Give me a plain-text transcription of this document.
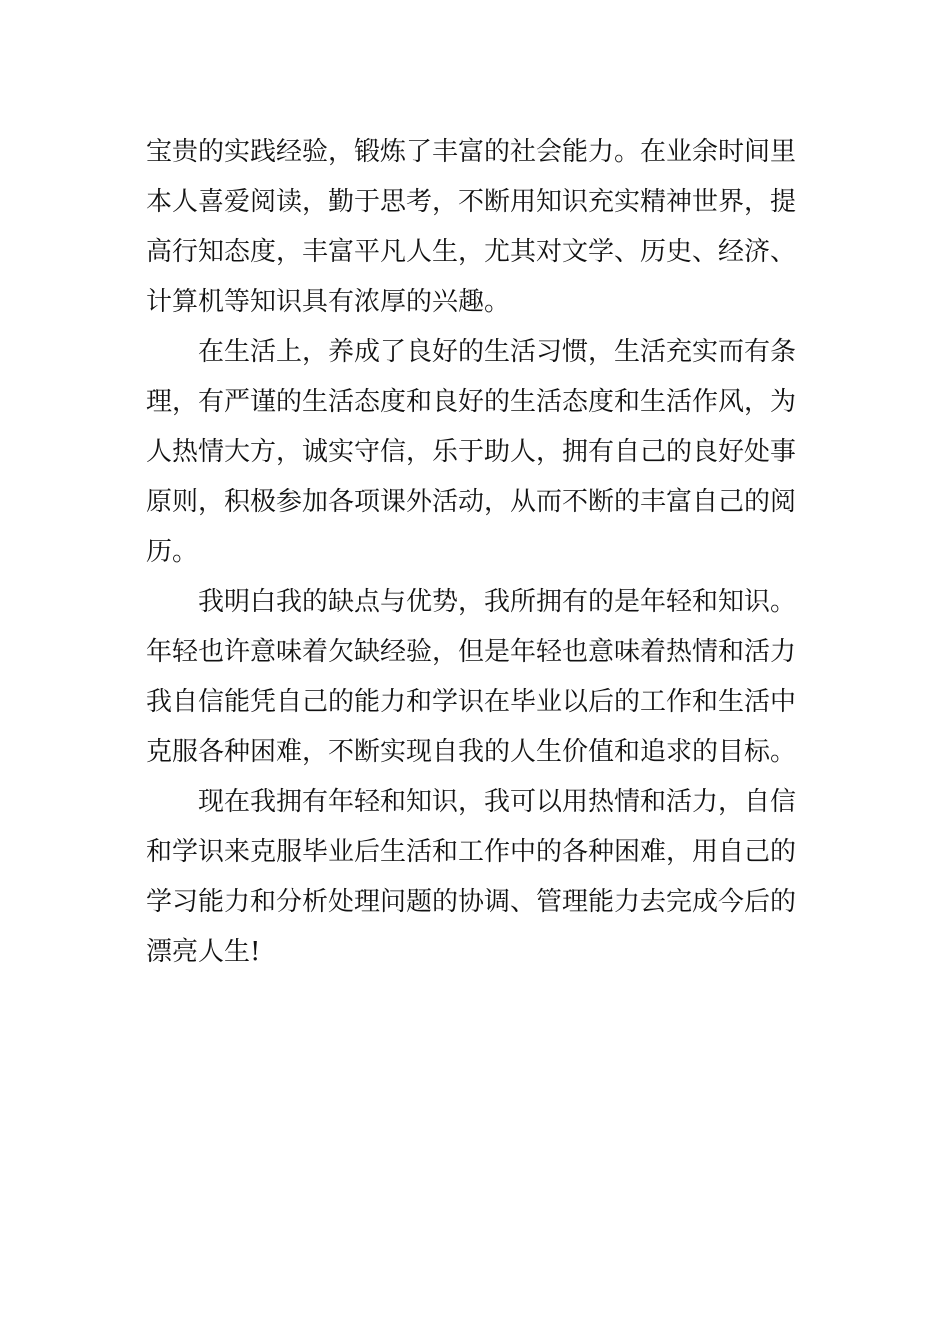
宝贵的实践经验，锻炼了丰富的社会能力。在业余时间里
本人喜爱阅读，勤于思考，不断用知识充实精神世界，提
高行知态度，丰富平凡人生，尤其对文学、历史、经济、
计算机等知识具有浓厚的兴趣。
　　在生活上，养成了良好的生活习惯，生活充实而有条
理，有严谨的生活态度和良好的生活态度和生活作风，为
人热情大方，诚实守信，乐于助人，拥有自己的良好处事
原则，积极参加各项课外活动，从而不断的丰富自己的阅
历。
　　我明白我的缺点与优势，我所拥有的是年轻和知识。
年轻也许意味着欠缺经验，但是年轻也意味着热情和活力
我自信能凭自己的能力和学识在毕业以后的工作和生活中
克服各种困难，不断实现自我的人生价值和追求的目标。
　　现在我拥有年轻和知识，我可以用热情和活力，自信
和学识来克服毕业后生活和工作中的各种困难，用自己的
学习能力和分析处理问题的协调、管理能力去完成今后的
漂亮人生!
